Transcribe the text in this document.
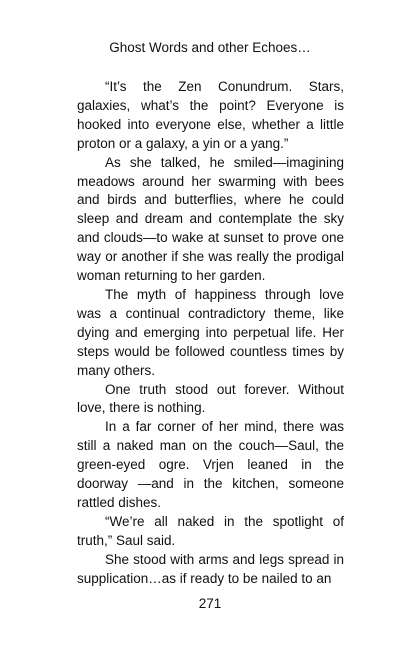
Ghost Words and other Echoes…

“It’s the Zen Conundrum. Stars, galaxies, what’s the point? Everyone is hooked into everyone else, whether a little proton or a galaxy, a yin or a yang.”

As she talked, he smiled—imagining meadows around her swarming with bees and birds and butterflies, where he could sleep and dream and contemplate the sky and clouds—to wake at sunset to prove one way or another if she was really the prodigal woman returning to her garden.

The myth of happiness through love was a continual contradictory theme, like dying and emerging into perpetual life. Her steps would be followed countless times by many others.

One truth stood out forever. Without love, there is nothing.

In a far corner of her mind, there was still a naked man on the couch—Saul, the green-eyed ogre. Vrjen leaned in the doorway —and in the kitchen, someone rattled dishes.

“We’re all naked in the spotlight of truth,” Saul said.

She stood with arms and legs spread in supplication…as if ready to be nailed to an

271
